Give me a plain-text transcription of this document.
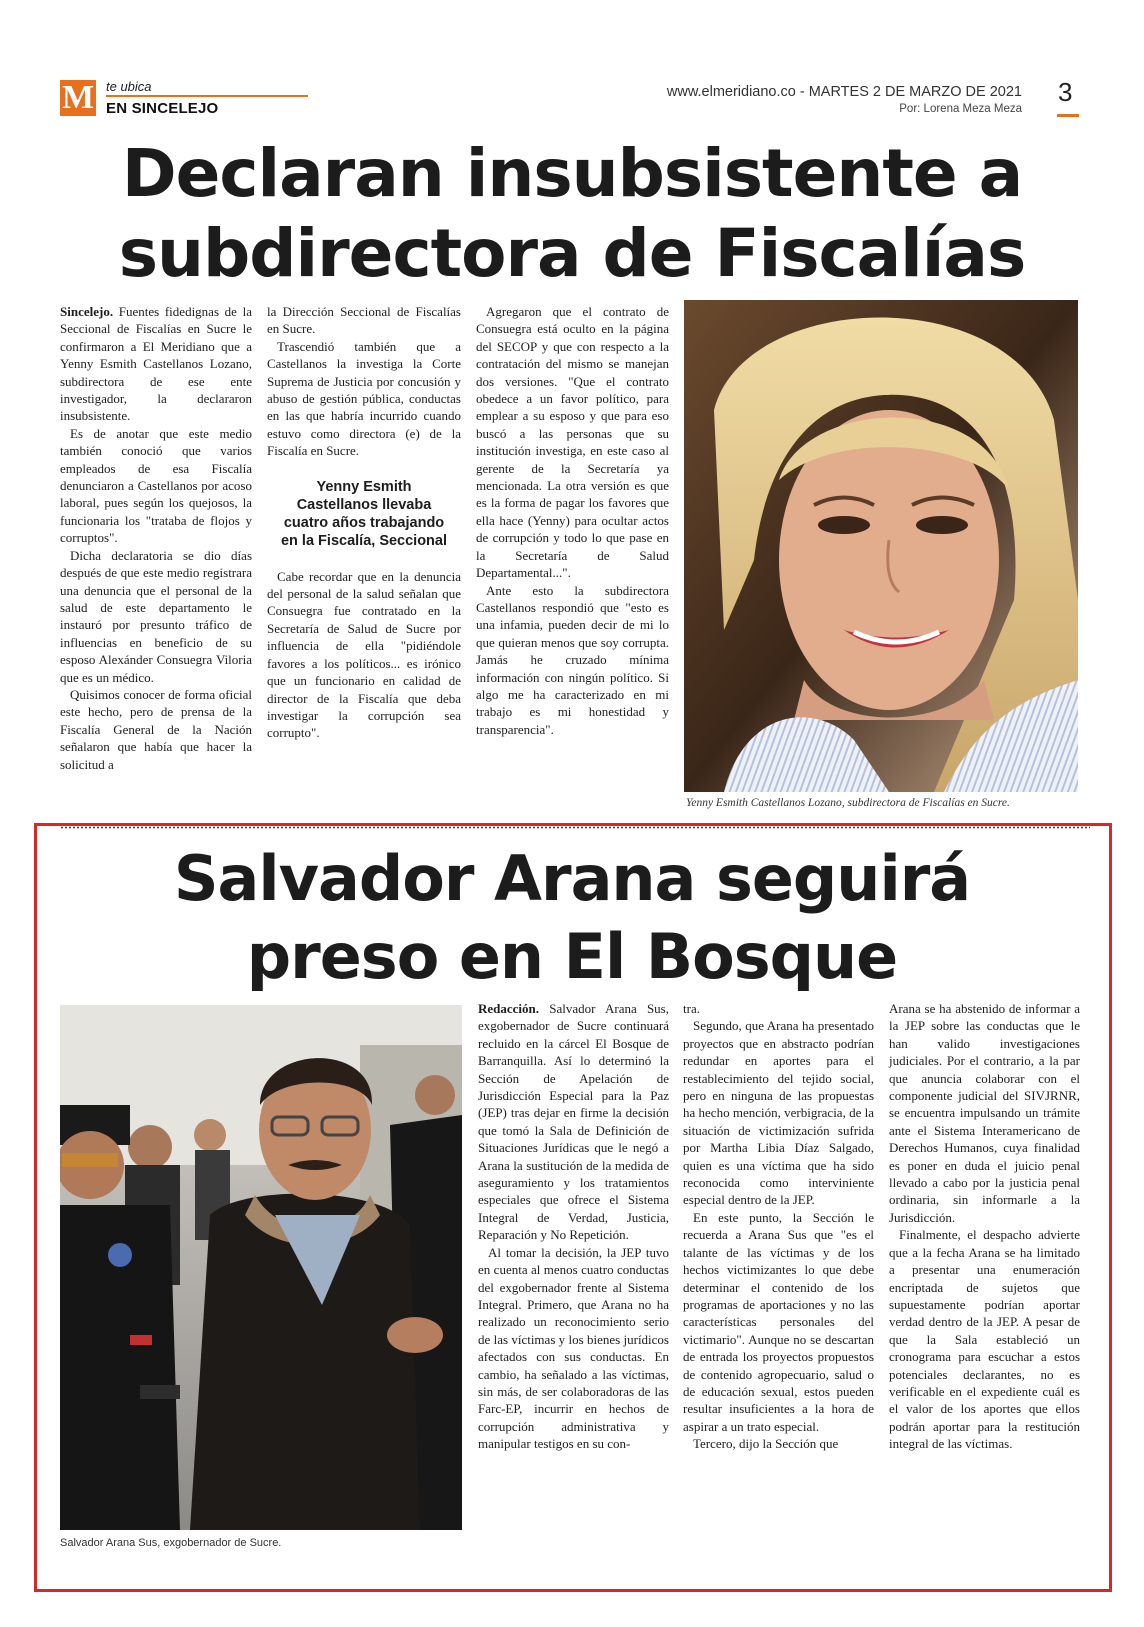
M te ubica
EN SINCELEJO
www.elmeridiano.co - MARTES 2 DE MARZO DE 2021
Por: Lorena Meza Meza
3
Declaran insubsistente a
subdirectora de Fiscalías

Sincelejo. Fuentes fidedignas de la Seccional de Fiscalías en Sucre le confirmaron a El Meridiano que a Yenny Esmith Castellanos Lozano, subdirectora de ese ente investigador, la declararon insubsistente.

Es de anotar que este medio también conoció que varios empleados de esa Fiscalía denunciaron a Castellanos por acoso laboral, pues según los quejosos, la funcionaria los "trataba de flojos y corruptos".

Dicha declaratoria se dio días después de que este medio registrara una denuncia que el personal de la salud de este departamento le instauró por presunto tráfico de influencias en beneficio de su esposo Alexánder Consuegra Viloria que es un médico.

Quisimos conocer de forma oficial este hecho, pero de prensa de la Fiscalía General de la Nación señalaron que había que hacer la solicitud a

la Dirección Seccional de Fiscalías en Sucre.

Trascendió también que a Castellanos la investiga la Corte Suprema de Justicia por concusión y abuso de gestión pública, conductas en las que habría incurrido cuando estuvo como directora (e) de la Fiscalía en Sucre.

Yenny Esmith Castellanos llevaba cuatro años trabajando en la Fiscalía, Seccional

Cabe recordar que en la denuncia del personal de la salud señalan que Consuegra fue contratado en la Secretaría de Salud de Sucre por influencia de ella "pidiéndole favores a los políticos... es irónico que un funcionario en calidad de director de la Fiscalía que deba investigar la corrupción sea corrupto".

Agregaron que el contrato de Consuegra está oculto en la página del SECOP y que con respecto a la contratación del mismo se manejan dos versiones. "Que el contrato obedece a un favor político, para emplear a su esposo y que para eso buscó a las personas que su institución investiga, en este caso al gerente de la Secretaría ya mencionada. La otra versión es que es la forma de pagar los favores que ella hace (Yenny) para ocultar actos de corrupción y todo lo que pase en la Secretaría de Salud Departamental...".

Ante esto la subdirectora Castellanos respondió que "esto es una infamia, pueden decir de mi lo que quieran menos que soy corrupta. Jamás he cruzado mínima información con ningún político. Si algo me ha caracterizado en mi trabajo es mi honestidad y transparencia".

Yenny Esmith Castellanos Lozano, subdirectora de Fiscalías en Sucre.
Salvador Arana seguirá
preso en El Bosque
Salvador Arana Sus, exgobernador de Sucre.

Redacción. Salvador Arana Sus, exgobernador de Sucre continuará recluido en la cárcel El Bosque de Barranquilla. Así lo determinó la Sección de Apelación de Jurisdicción Especial para la Paz (JEP) tras dejar en firme la decisión que tomó la Sala de Definición de Situaciones Jurídicas que le negó a Arana la sustitución de la medida de aseguramiento y los tratamientos especiales que ofrece el Sistema Integral de Verdad, Justicia, Reparación y No Repetición.

Al tomar la decisión, la JEP tuvo en cuenta al menos cuatro conductas del exgobernador frente al Sistema Integral. Primero, que Arana no ha realizado un reconocimiento serio de las víctimas y los bienes jurídicos afectados con sus conductas. En cambio, ha señalado a las víctimas, sin más, de ser colaboradoras de las Farc-EP, incurrir en hechos de corrupción administrativa y manipular testigos en su con-

tra.

Segundo, que Arana ha presentado proyectos que en abstracto podrían redundar en aportes para el restablecimiento del tejido social, pero en ninguna de las propuestas ha hecho mención, verbigracia, de la situación de victimización sufrida por Martha Libia Díaz Salgado, quien es una víctima que ha sido reconocida como interviniente especial dentro de la JEP.

En este punto, la Sección le recuerda a Arana Sus que "es el talante de las víctimas y de los hechos victimizantes lo que debe determinar el contenido de los programas de aportaciones y no las características personales del victimario". Aunque no se descartan de entrada los proyectos propuestos de contenido agropecuario, salud o de educación sexual, estos pueden resultar insuficientes a la hora de aspirar a un trato especial.

Tercero, dijo la Sección que

Arana se ha abstenido de informar a la JEP sobre las conductas que le han valido investigaciones judiciales. Por el contrario, a la par que anuncia colaborar con el componente judicial del SIVJRNR, se encuentra impulsando un trámite ante el Sistema Interamericano de Derechos Humanos, cuya finalidad es poner en duda el juicio penal llevado a cabo por la justicia penal ordinaria, sin informarle a la Jurisdicción.

Finalmente, el despacho advierte que a la fecha Arana se ha limitado a presentar una enumeración encriptada de sujetos que supuestamente podrían aportar verdad dentro de la JEP. A pesar de que la Sala estableció un cronograma para escuchar a estos potenciales declarantes, no es verificable en el expediente cuál es el valor de los aportes que ellos podrán aportar para la restitución integral de las víctimas.
